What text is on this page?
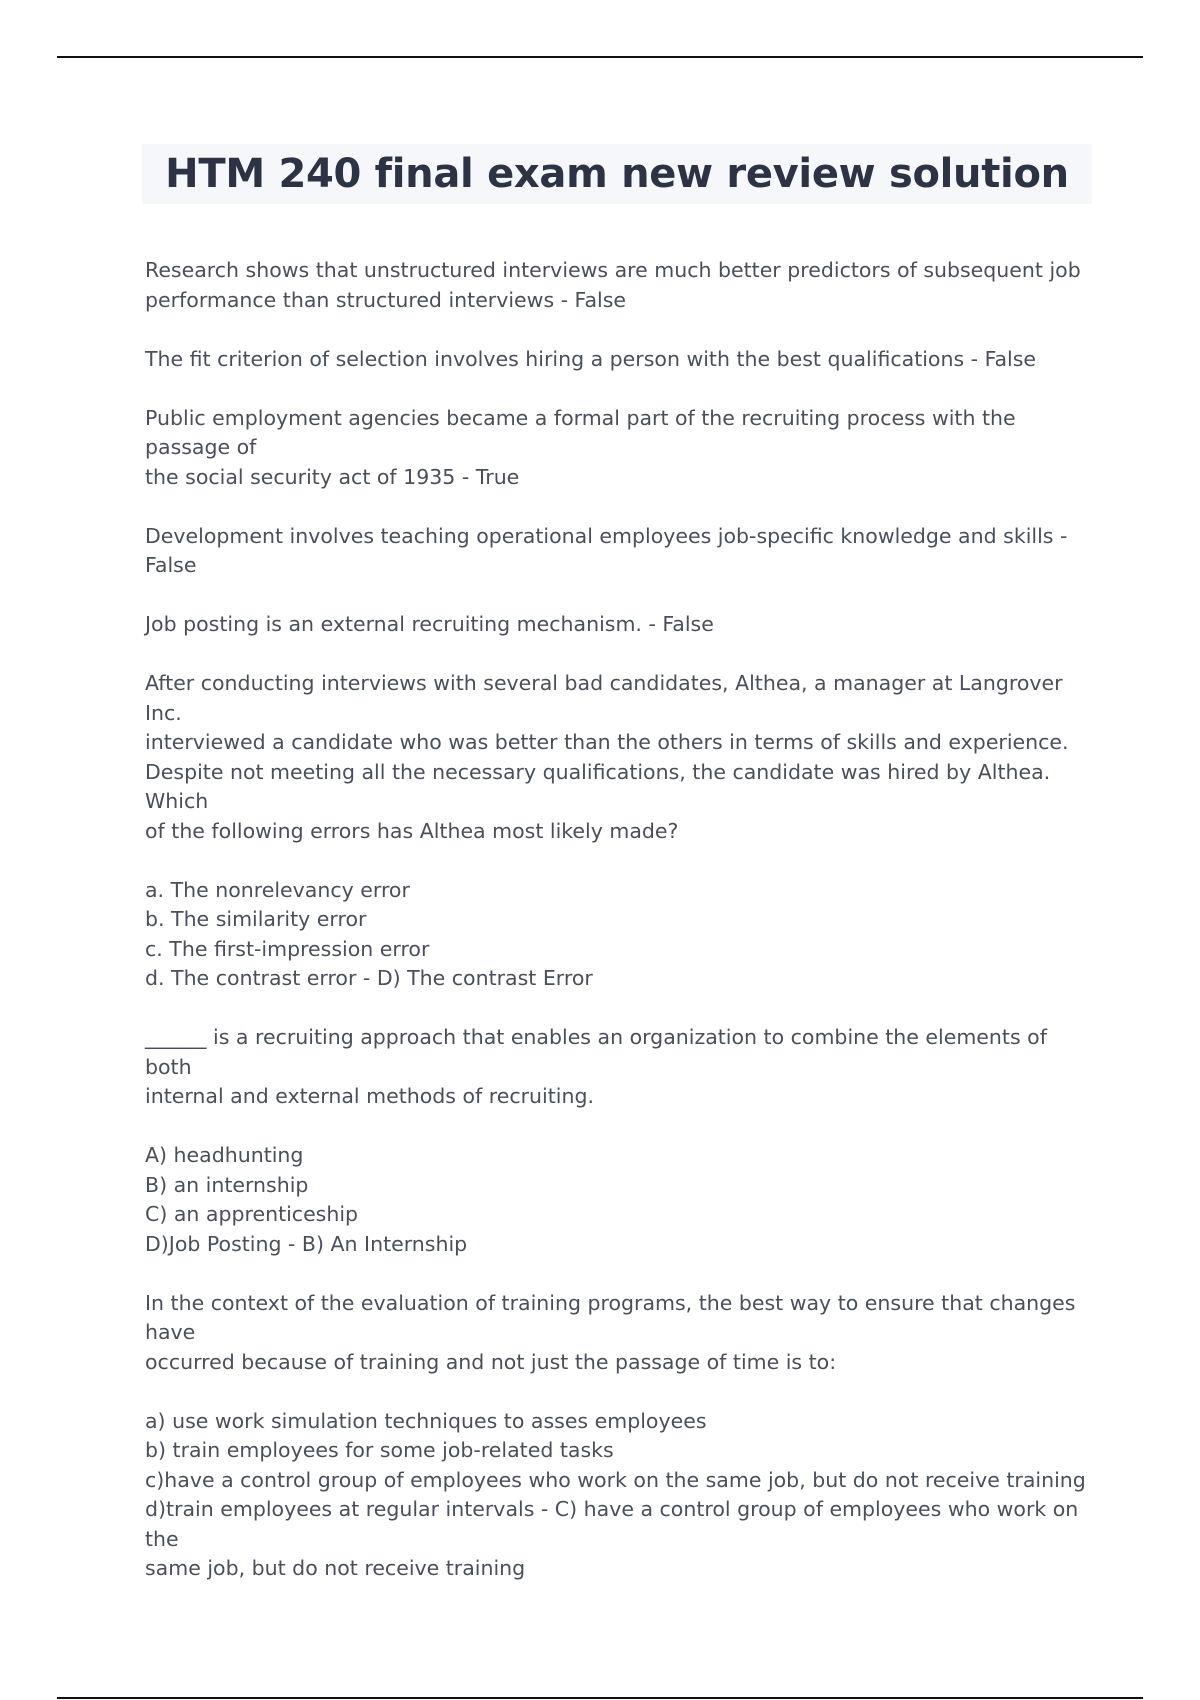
HTM 240 final exam new review solution

Research shows that unstructured interviews are much better predictors of subsequent job
performance than structured interviews - False

The fit criterion of selection involves hiring a person with the best qualifications - False

Public employment agencies became a formal part of the recruiting process with the passage of
the social security act of 1935 - True

Development involves teaching operational employees job-specific knowledge and skills - False

Job posting is an external recruiting mechanism. - False

After conducting interviews with several bad candidates, Althea, a manager at Langrover Inc.
interviewed a candidate who was better than the others in terms of skills and experience.
Despite not meeting all the necessary qualifications, the candidate was hired by Althea. Which
of the following errors has Althea most likely made?

a. The nonrelevancy error
b. The similarity error
c. The first-impression error
d. The contrast error - D) The contrast Error

______ is a recruiting approach that enables an organization to combine the elements of both
internal and external methods of recruiting.

A) headhunting
B) an internship
C) an apprenticeship
D)Job Posting - B) An Internship

In the context of the evaluation of training programs, the best way to ensure that changes have
occurred because of training and not just the passage of time is to:

a) use work simulation techniques to asses employees
b) train employees for some job-related tasks
c)have a control group of employees who work on the same job, but do not receive training
d)train employees at regular intervals - C) have a control group of employees who work on the
same job, but do not receive training
